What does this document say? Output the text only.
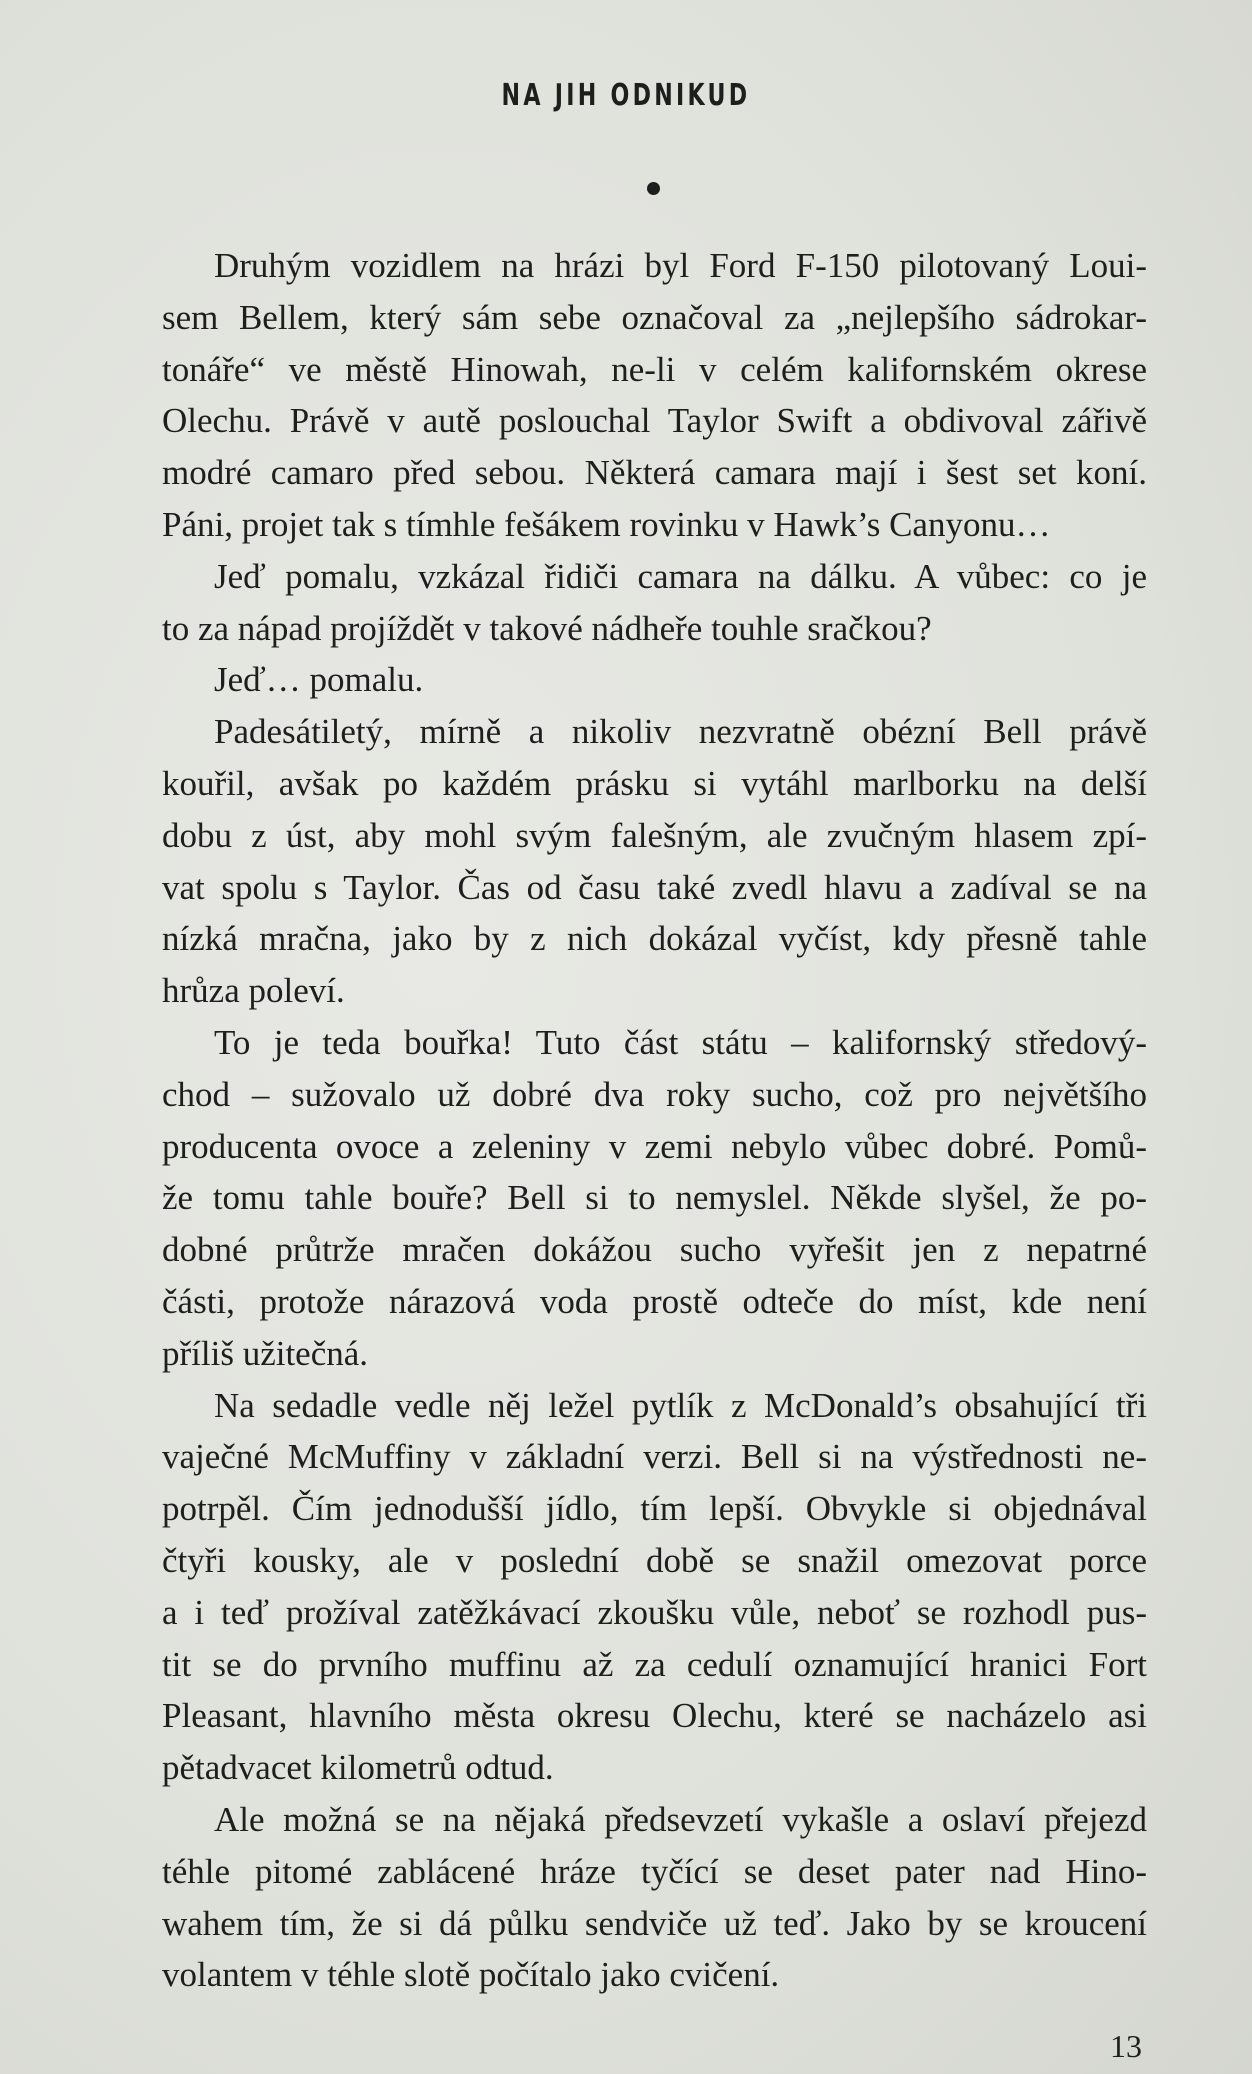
NA JIH ODNIKUD
Druhým vozidlem na hrázi byl Ford F-150 pilotovaný Loui-
sem Bellem, který sám sebe označoval za „nejlepšího sádrokar-
tonáře“ ve městě Hinowah, ne-li v celém kalifornském okrese
Olechu. Právě v autě poslouchal Taylor Swift a obdivoval zářivě
modré camaro před sebou. Některá camara mají i šest set koní.
Páni, projet tak s tímhle fešákem rovinku v Hawk’s Canyonu…
Jeď pomalu, vzkázal řidiči camara na dálku. A vůbec: co je
to za nápad projíždět v takové nádheře touhle sračkou?
Jeď… pomalu.
Padesátiletý, mírně a nikoliv nezvratně obézní Bell právě
kouřil, avšak po každém prásku si vytáhl marlborku na delší
dobu z úst, aby mohl svým falešným, ale zvučným hlasem zpí-
vat spolu s Taylor. Čas od času také zvedl hlavu a zadíval se na
nízká mračna, jako by z nich dokázal vyčíst, kdy přesně tahle
hrůza poleví.
To je teda bouřka! Tuto část státu – kalifornský středový-
chod – sužovalo už dobré dva roky sucho, což pro největšího
producenta ovoce a zeleniny v zemi nebylo vůbec dobré. Pomů-
že tomu tahle bouře? Bell si to nemyslel. Někde slyšel, že po-
dobné průtrže mračen dokážou sucho vyřešit jen z nepatrné
části, protože nárazová voda prostě odteče do míst, kde není
příliš užitečná.
Na sedadle vedle něj ležel pytlík z McDonald’s obsahující tři
vaječné McMuffiny v základní verzi. Bell si na výstřednosti ne-
potrpěl. Čím jednodušší jídlo, tím lepší. Obvykle si objednával
čtyři kousky, ale v poslední době se snažil omezovat porce
a i teď prožíval zatěžkávací zkoušku vůle, neboť se rozhodl pus-
tit se do prvního muffinu až za cedulí oznamující hranici Fort
Pleasant, hlavního města okresu Olechu, které se nacházelo asi
pětadvacet kilometrů odtud.
Ale možná se na nějaká předsevzetí vykašle a oslaví přejezd
téhle pitomé zablácené hráze tyčící se deset pater nad Hino-
wahem tím, že si dá půlku sendviče už teď. Jako by se kroucení
volantem v téhle slotě počítalo jako cvičení.
13
